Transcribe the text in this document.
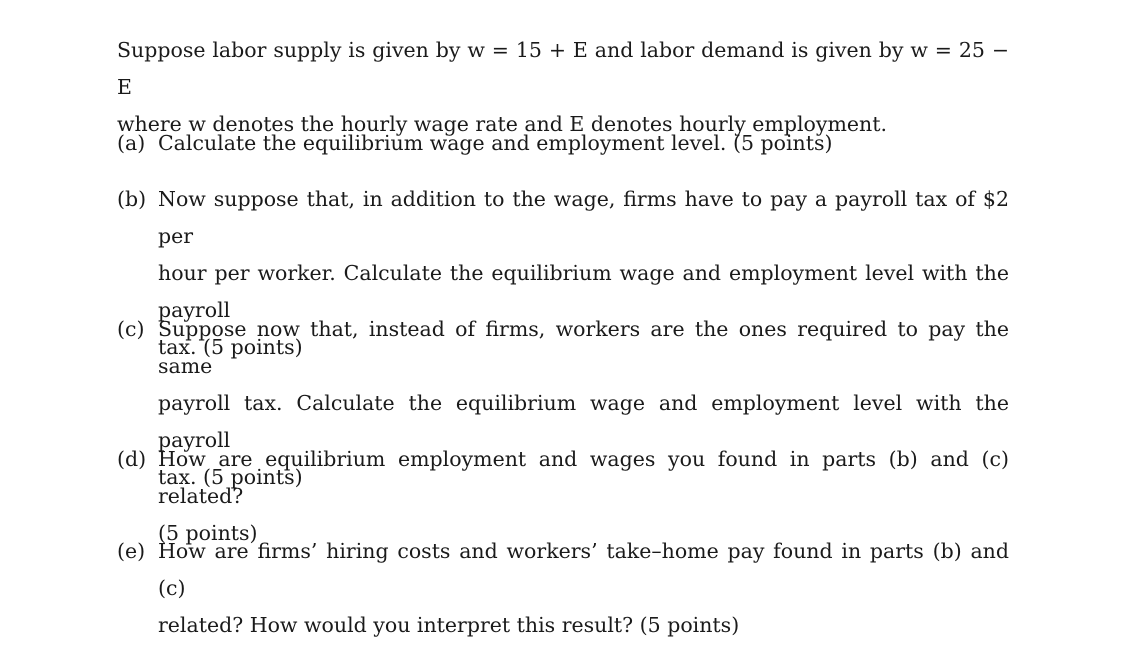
Suppose labor supply is given by w = 15 + E and labor demand is given by w = 25 − E
where w denotes the hourly wage rate and E denotes hourly employment.
(a) Calculate the equilibrium wage and employment level. (5 points)
(b) Now suppose that, in addition to the wage, firms have to pay a payroll tax of $2 per
hour per worker. Calculate the equilibrium wage and employment level with the payroll
tax. (5 points)
(c) Suppose now that, instead of firms, workers are the ones required to pay the same
payroll tax. Calculate the equilibrium wage and employment level with the payroll
tax. (5 points)
(d) How are equilibrium employment and wages you found in parts (b) and (c) related?
(5 points)
(e) How are firms’ hiring costs and workers’ take–home pay found in parts (b) and (c)
related? How would you interpret this result? (5 points)
